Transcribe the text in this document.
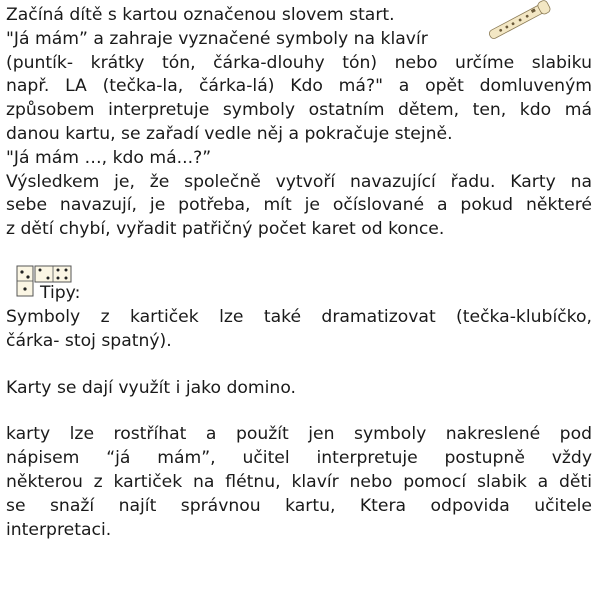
Začíná dítě s kartou označenou slovem start.
"Já mám” a zahraje vyznačené symboly na klavír
(puntík- krátky tón, čárka-dlouhy tón) nebo určíme slabiku
např. LA (tečka-la, čárka-lá) Kdo má?" a opět domluveným
způsobem interpretuje symboly ostatním dětem, ten, kdo má
danou kartu, se zařadí vedle něj a pokračuje stejně.
"Já mám …, kdo má...?”
Výsledkem je, že společně vytvoří navazující řadu. Karty na
sebe navazují, je potřeba, mít je očíslované a pokud některé
z dětí chybí, vyřadit patřičný počet karet od konce.
Tipy:
Symboly z kartiček lze také dramatizovat (tečka-klubíčko,
čárka- stoj spatný).
Karty se dají využít i jako domino.
karty lze rostříhat a použít jen symboly nakreslené pod
nápisem “já mám”, učitel interpretuje postupně vždy
některou z kartiček na flétnu, klavír nebo pomocí slabik a děti
se snaží najít správnou kartu, Ktera odpovida učitele
interpretaci.
